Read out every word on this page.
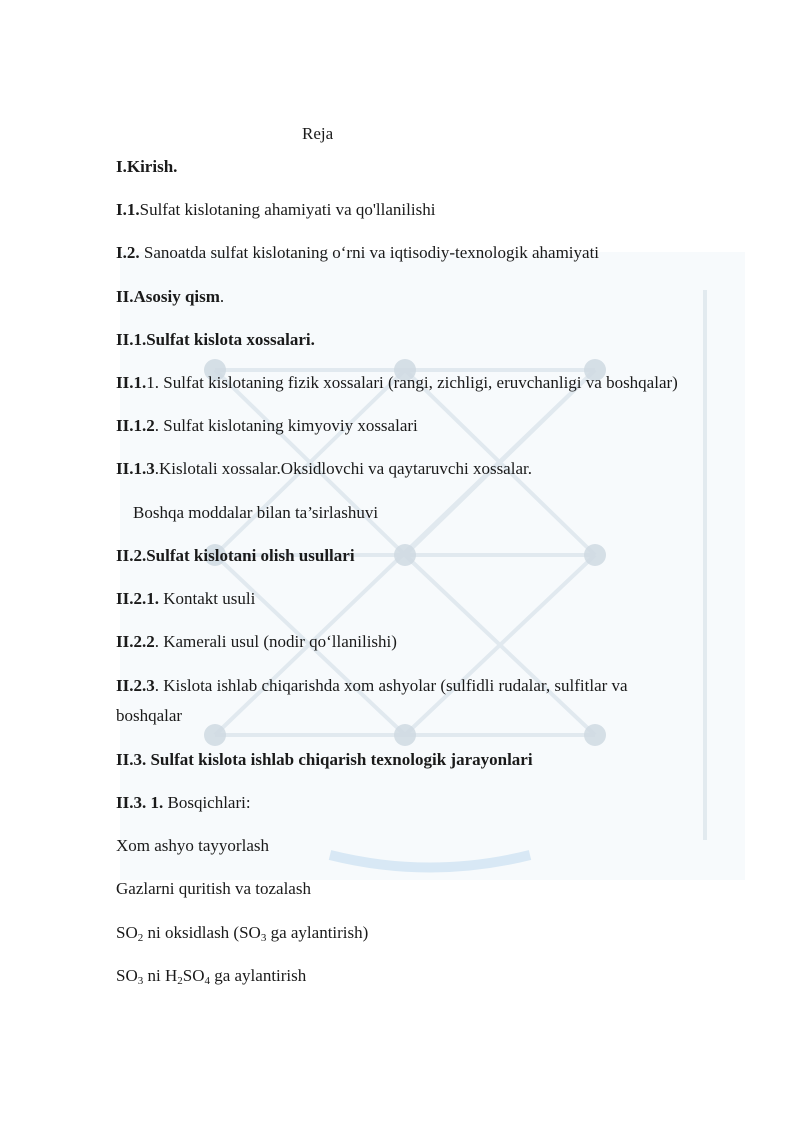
Reja
I.Kirish.
I.1.Sulfat kislotaning ahamiyati va qo'llanilishi
I.2. Sanoatda sulfat kislotaning o‘rni va iqtisodiy-texnologik ahamiyati
II.Asosiy qism.
II.1.Sulfat kislota xossalari.
II.1.1. Sulfat kislotaning fizik xossalari (rangi, zichligi, eruvchanligi va boshqalar)
II.1.2. Sulfat kislotaning kimyoviy xossalari
II.1.3.Kislotali xossalar.Oksidlovchi va qaytaruvchi xossalar.
Boshqa moddalar bilan ta’sirlashuvi
II.2.Sulfat kislotani olish usullari
II.2.1. Kontakt usuli
II.2.2. Kamerali usul (nodir qo‘llanilishi)
II.2.3. Kislota ishlab chiqarishda xom ashyolar (sulfidli rudalar, sulfitlar va
boshqalar
II.3. Sulfat kislota ishlab chiqarish texnologik jarayonlari
II.3. 1. Bosqichlari:
Xom ashyo tayyorlash
Gazlarni quritish va tozalash
$SO_2$ ni oksidlash ($SO_3$ ga aylantirish)
$SO_3$ ni $H_2SO_4$ ga aylantirish
